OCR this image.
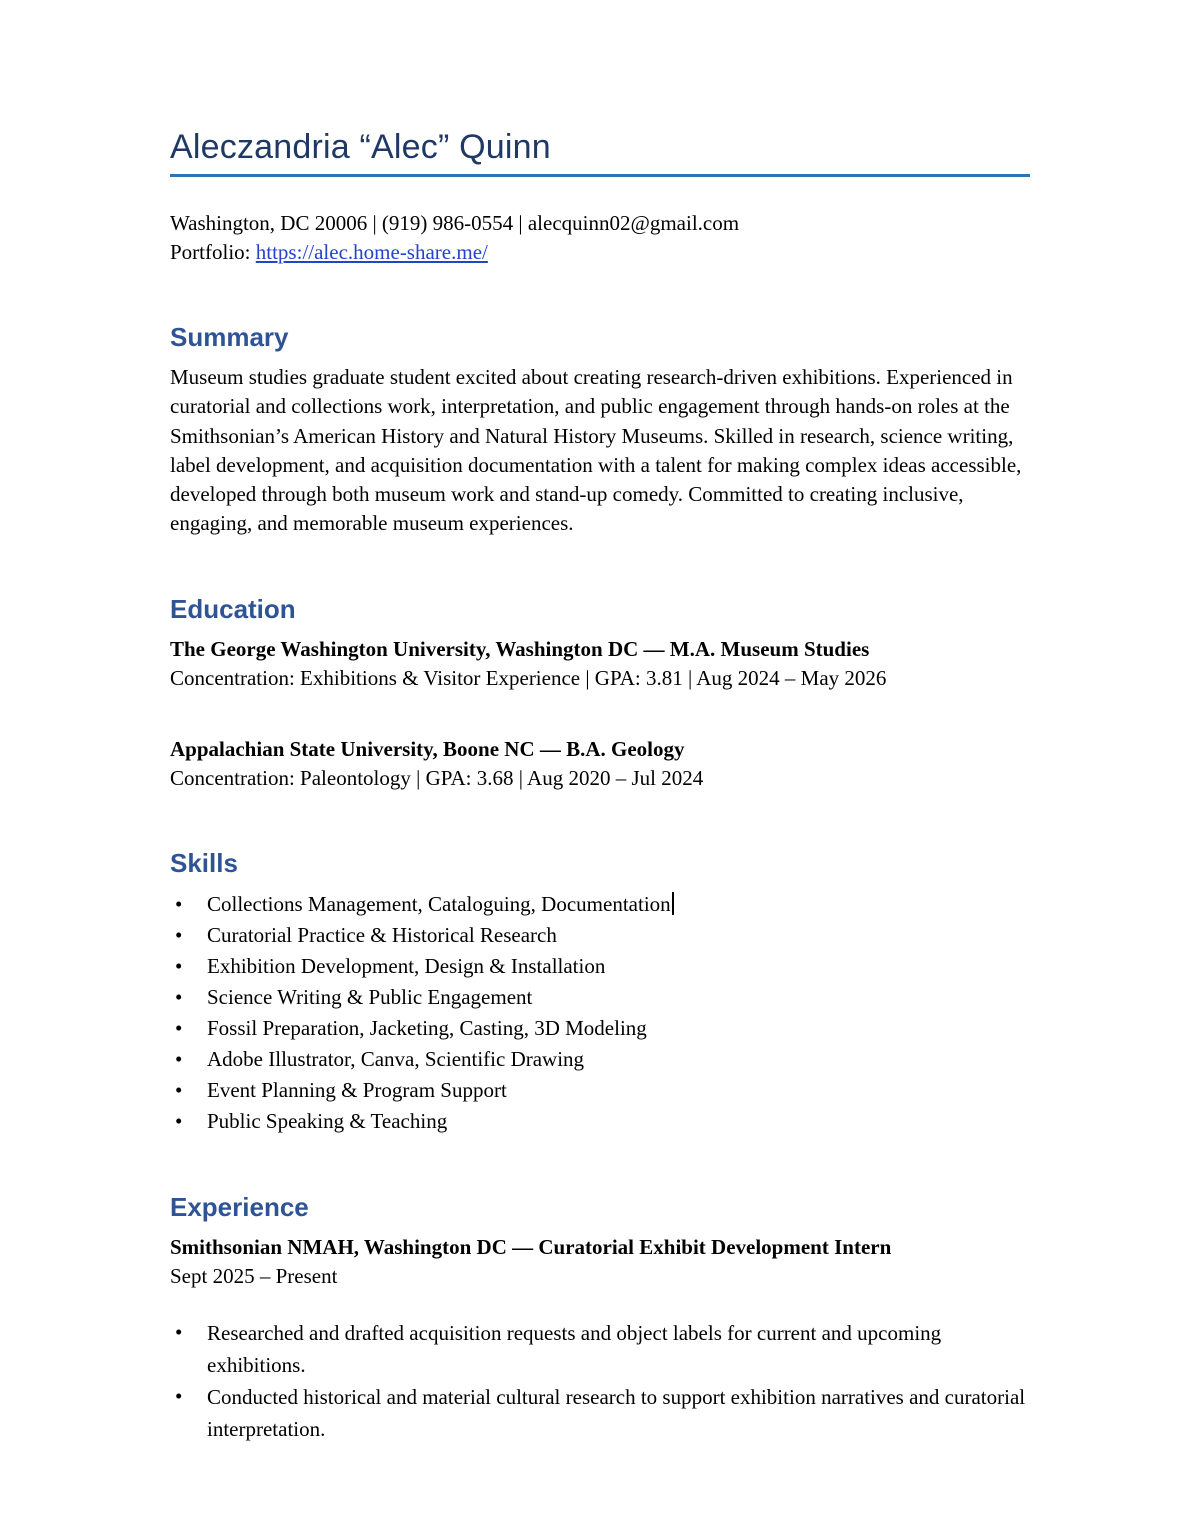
Aleczandria “Alec” Quinn

Washington, DC 20006 | (919) 986-0554 | alecquinn02@gmail.com
Portfolio: https://alec.home-share.me/

Summary

Museum studies graduate student excited about creating research-driven exhibitions. Experienced in curatorial and collections work, interpretation, and public engagement through hands-on roles at the Smithsonian’s American History and Natural History Museums. Skilled in research, science writing, label development, and acquisition documentation with a talent for making complex ideas accessible, developed through both museum work and stand-up comedy. Committed to creating inclusive, engaging, and memorable museum experiences.

Education

The George Washington University, Washington DC — M.A. Museum Studies

Concentration: Exhibitions & Visitor Experience | GPA: 3.81 | Aug 2024 – May 2026

Appalachian State University, Boone NC — B.A. Geology

Concentration: Paleontology | GPA: 3.68 | Aug 2020 – Jul 2024

Skills
• Collections Management, Cataloguing, Documentation
• Curatorial Practice & Historical Research
• Exhibition Development, Design & Installation
• Science Writing & Public Engagement
• Fossil Preparation, Jacketing, Casting, 3D Modeling
• Adobe Illustrator, Canva, Scientific Drawing
• Event Planning & Program Support
• Public Speaking & Teaching
Experience

Smithsonian NMAH, Washington DC — Curatorial Exhibit Development Intern

Sept 2025 – Present

• Researched and drafted acquisition requests and object labels for current and upcoming exhibitions.
• Conducted historical and material cultural research to support exhibition narratives and curatorial interpretation.
